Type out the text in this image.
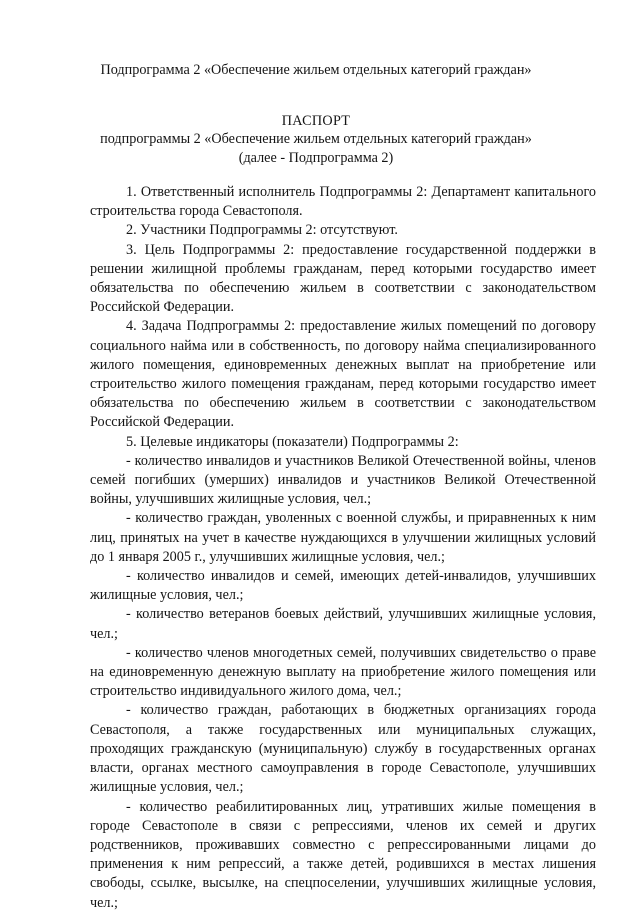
Подпрограмма 2 «Обеспечение жильем отдельных категорий граждан»
ПАСПОРТ
подпрограммы 2 «Обеспечение жильем отдельных категорий граждан»
(далее - Подпрограмма 2)

1. Ответственный исполнитель Подпрограммы 2: Департамент капитального строительства города Севастополя.

2. Участники Подпрограммы 2: отсутствуют.

3. Цель Подпрограммы 2: предоставление государственной поддержки в решении жилищной проблемы гражданам, перед которыми государство имеет обязательства по обеспечению жильем в соответствии с законодательством Российской Федерации.

4. Задача Подпрограммы 2: предоставление жилых помещений по договору социального найма или в собственность, по договору найма специализированного жилого помещения, единовременных денежных выплат на приобретение или строительство жилого помещения гражданам, перед которыми государство имеет обязательства по обеспечению жильем в соответствии с законодательством Российской Федерации.

5. Целевые индикаторы (показатели) Подпрограммы 2:

- количество инвалидов и участников Великой Отечественной войны, членов семей погибших (умерших) инвалидов и участников Великой Отечественной войны, улучшивших жилищные условия, чел.;

- количество граждан, уволенных с военной службы, и приравненных к ним лиц, принятых на учет в качестве нуждающихся в улучшении жилищных условий до 1 января 2005 г., улучшивших жилищные условия, чел.;

- количество инвалидов и семей, имеющих детей-инвалидов, улучшивших жилищные условия, чел.;

- количество ветеранов боевых действий, улучшивших жилищные условия, чел.;

- количество членов многодетных семей, получивших свидетельство о праве на единовременную денежную выплату на приобретение жилого помещения или строительство индивидуального жилого дома, чел.;

- количество граждан, работающих в бюджетных организациях города Севастополя, а также государственных или муниципальных служащих, проходящих гражданскую (муниципальную) службу в государственных органах власти, органах местного самоуправления в городе Севастополе, улучшивших жилищные условия, чел.;

- количество реабилитированных лиц, утративших жилые помещения в городе Севастополе в связи с репрессиями, членов их семей и других родственников, проживавших совместно с репрессированными лицами до применения к ним репрессий, а также детей, родившихся в местах лишения свободы, ссылке, высылке, на спецпоселении, улучшивших жилищные условия, чел.;
